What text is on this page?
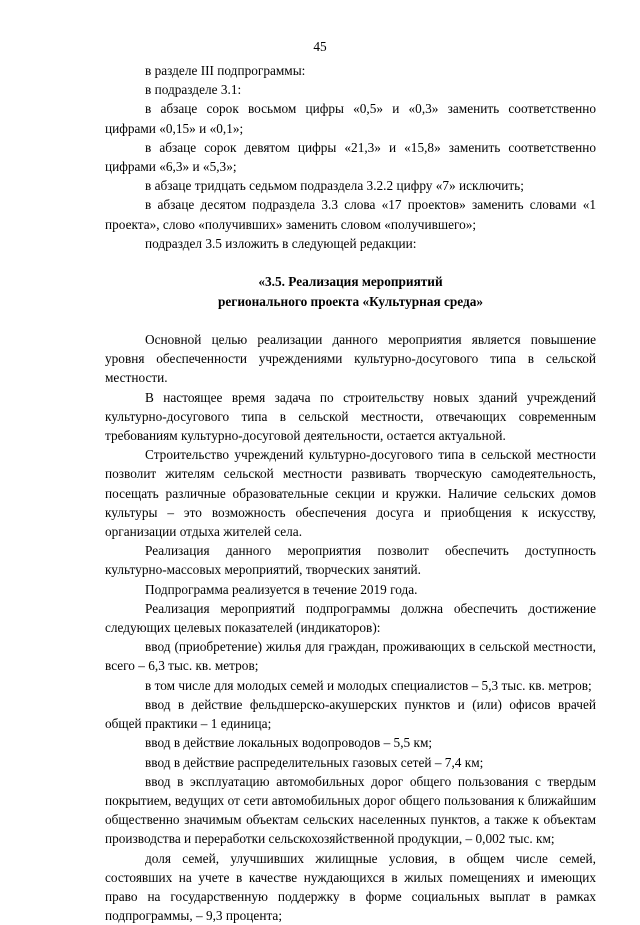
45

в разделе III подпрограммы:

в подразделе 3.1:

в абзаце сорок восьмом цифры «0,5» и «0,3» заменить соответственно цифрами «0,15» и «0,1»;

в абзаце сорок девятом цифры «21,3» и «15,8» заменить соответственно цифрами «6,3» и «5,3»;

в абзаце тридцать седьмом подраздела 3.2.2 цифру «7» исключить;

в абзаце десятом подраздела 3.3 слова «17 проектов» заменить словами «1 проекта», слово «получивших» заменить словом «получившего»;

подраздел 3.5 изложить в следующей редакции:

«3.5. Реализация мероприятий

регионального проекта «Культурная среда»

Основной целью реализации данного мероприятия является повышение уровня обеспеченности учреждениями культурно-досугового типа в сельской местности.

В настоящее время задача по строительству новых зданий учреждений культурно-досугового типа в сельской местности, отвечающих современным требованиям культурно-досуговой деятельности, остается актуальной.

Строительство учреждений культурно-досугового типа в сельской местности позволит жителям сельской местности развивать творческую самодеятельность, посещать различные образовательные секции и кружки. Наличие сельских домов культуры – это возможность обеспечения досуга и приобщения к искусству, организации отдыха жителей села.

Реализация данного мероприятия позволит обеспечить доступность культурно-массовых мероприятий, творческих занятий.

Подпрограмма реализуется в течение 2019 года.

Реализация мероприятий подпрограммы должна обеспечить достижение следующих целевых показателей (индикаторов):

ввод (приобретение) жилья для граждан, проживающих в сельской местности, всего – 6,3 тыс. кв. метров;

в том числе для молодых семей и молодых специалистов – 5,3 тыс. кв. метров;

ввод в действие фельдшерско-акушерских пунктов и (или) офисов врачей общей практики – 1 единица;

ввод в действие локальных водопроводов – 5,5 км;

ввод в действие распределительных газовых сетей – 7,4 км;

ввод в эксплуатацию автомобильных дорог общего пользования с твердым покрытием, ведущих от сети автомобильных дорог общего пользования к ближайшим общественно значимым объектам сельских населенных пунктов, а также к объектам производства и переработки сельскохозяйственной продукции, – 0,002 тыс. км;

доля семей, улучшивших жилищные условия, в общем числе семей, состоявших на учете в качестве нуждающихся в жилых помещениях и имеющих право на государственную поддержку в форме социальных выплат в рамках подпрограммы, – 9,3 процента;
